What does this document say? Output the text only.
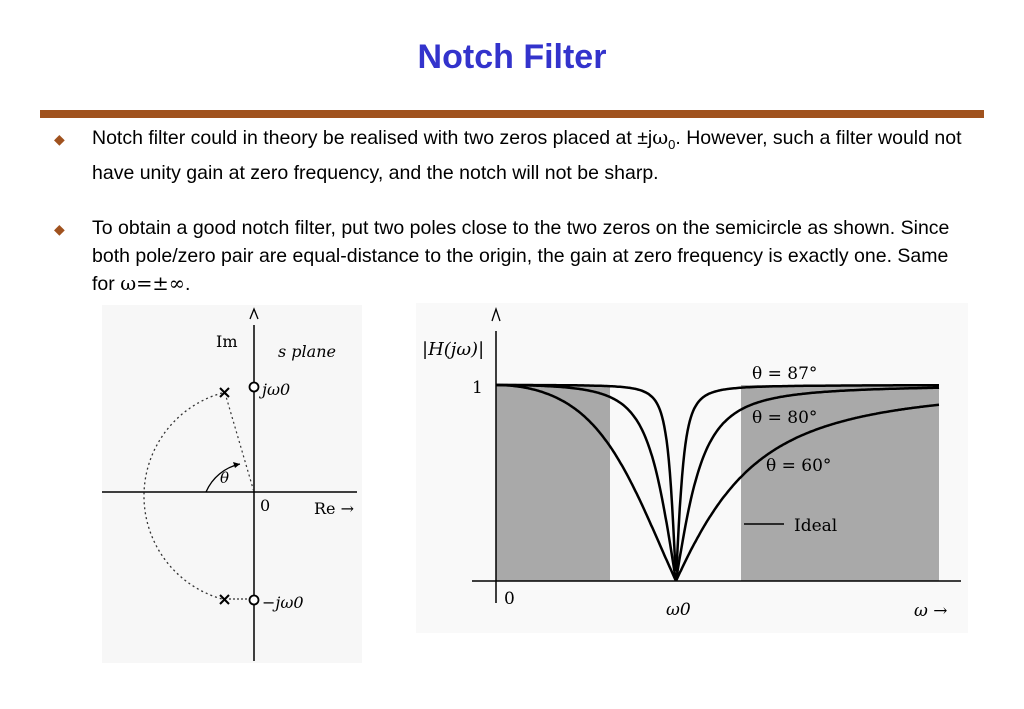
Notch Filter
◆ Notch filter could in theory be realised with two zeros placed at $\pm j\omega_0$. However, such a filter would not have unity gain at zero frequency, and the notch will not be sharp.
◆ To obtain a good notch filter, put two poles close to the two zeros on the semicircle as shown. Since both pole/zero pair are equal-distance to the origin, the gain at zero frequency is exactly one. Same for ω=±∞.
Im
s plane
Re →
0
θ
jω0
−jω0
|H(jω)|
ω →
1
0
ω0
θ = 87°
θ = 80°
θ = 60°
Ideal
